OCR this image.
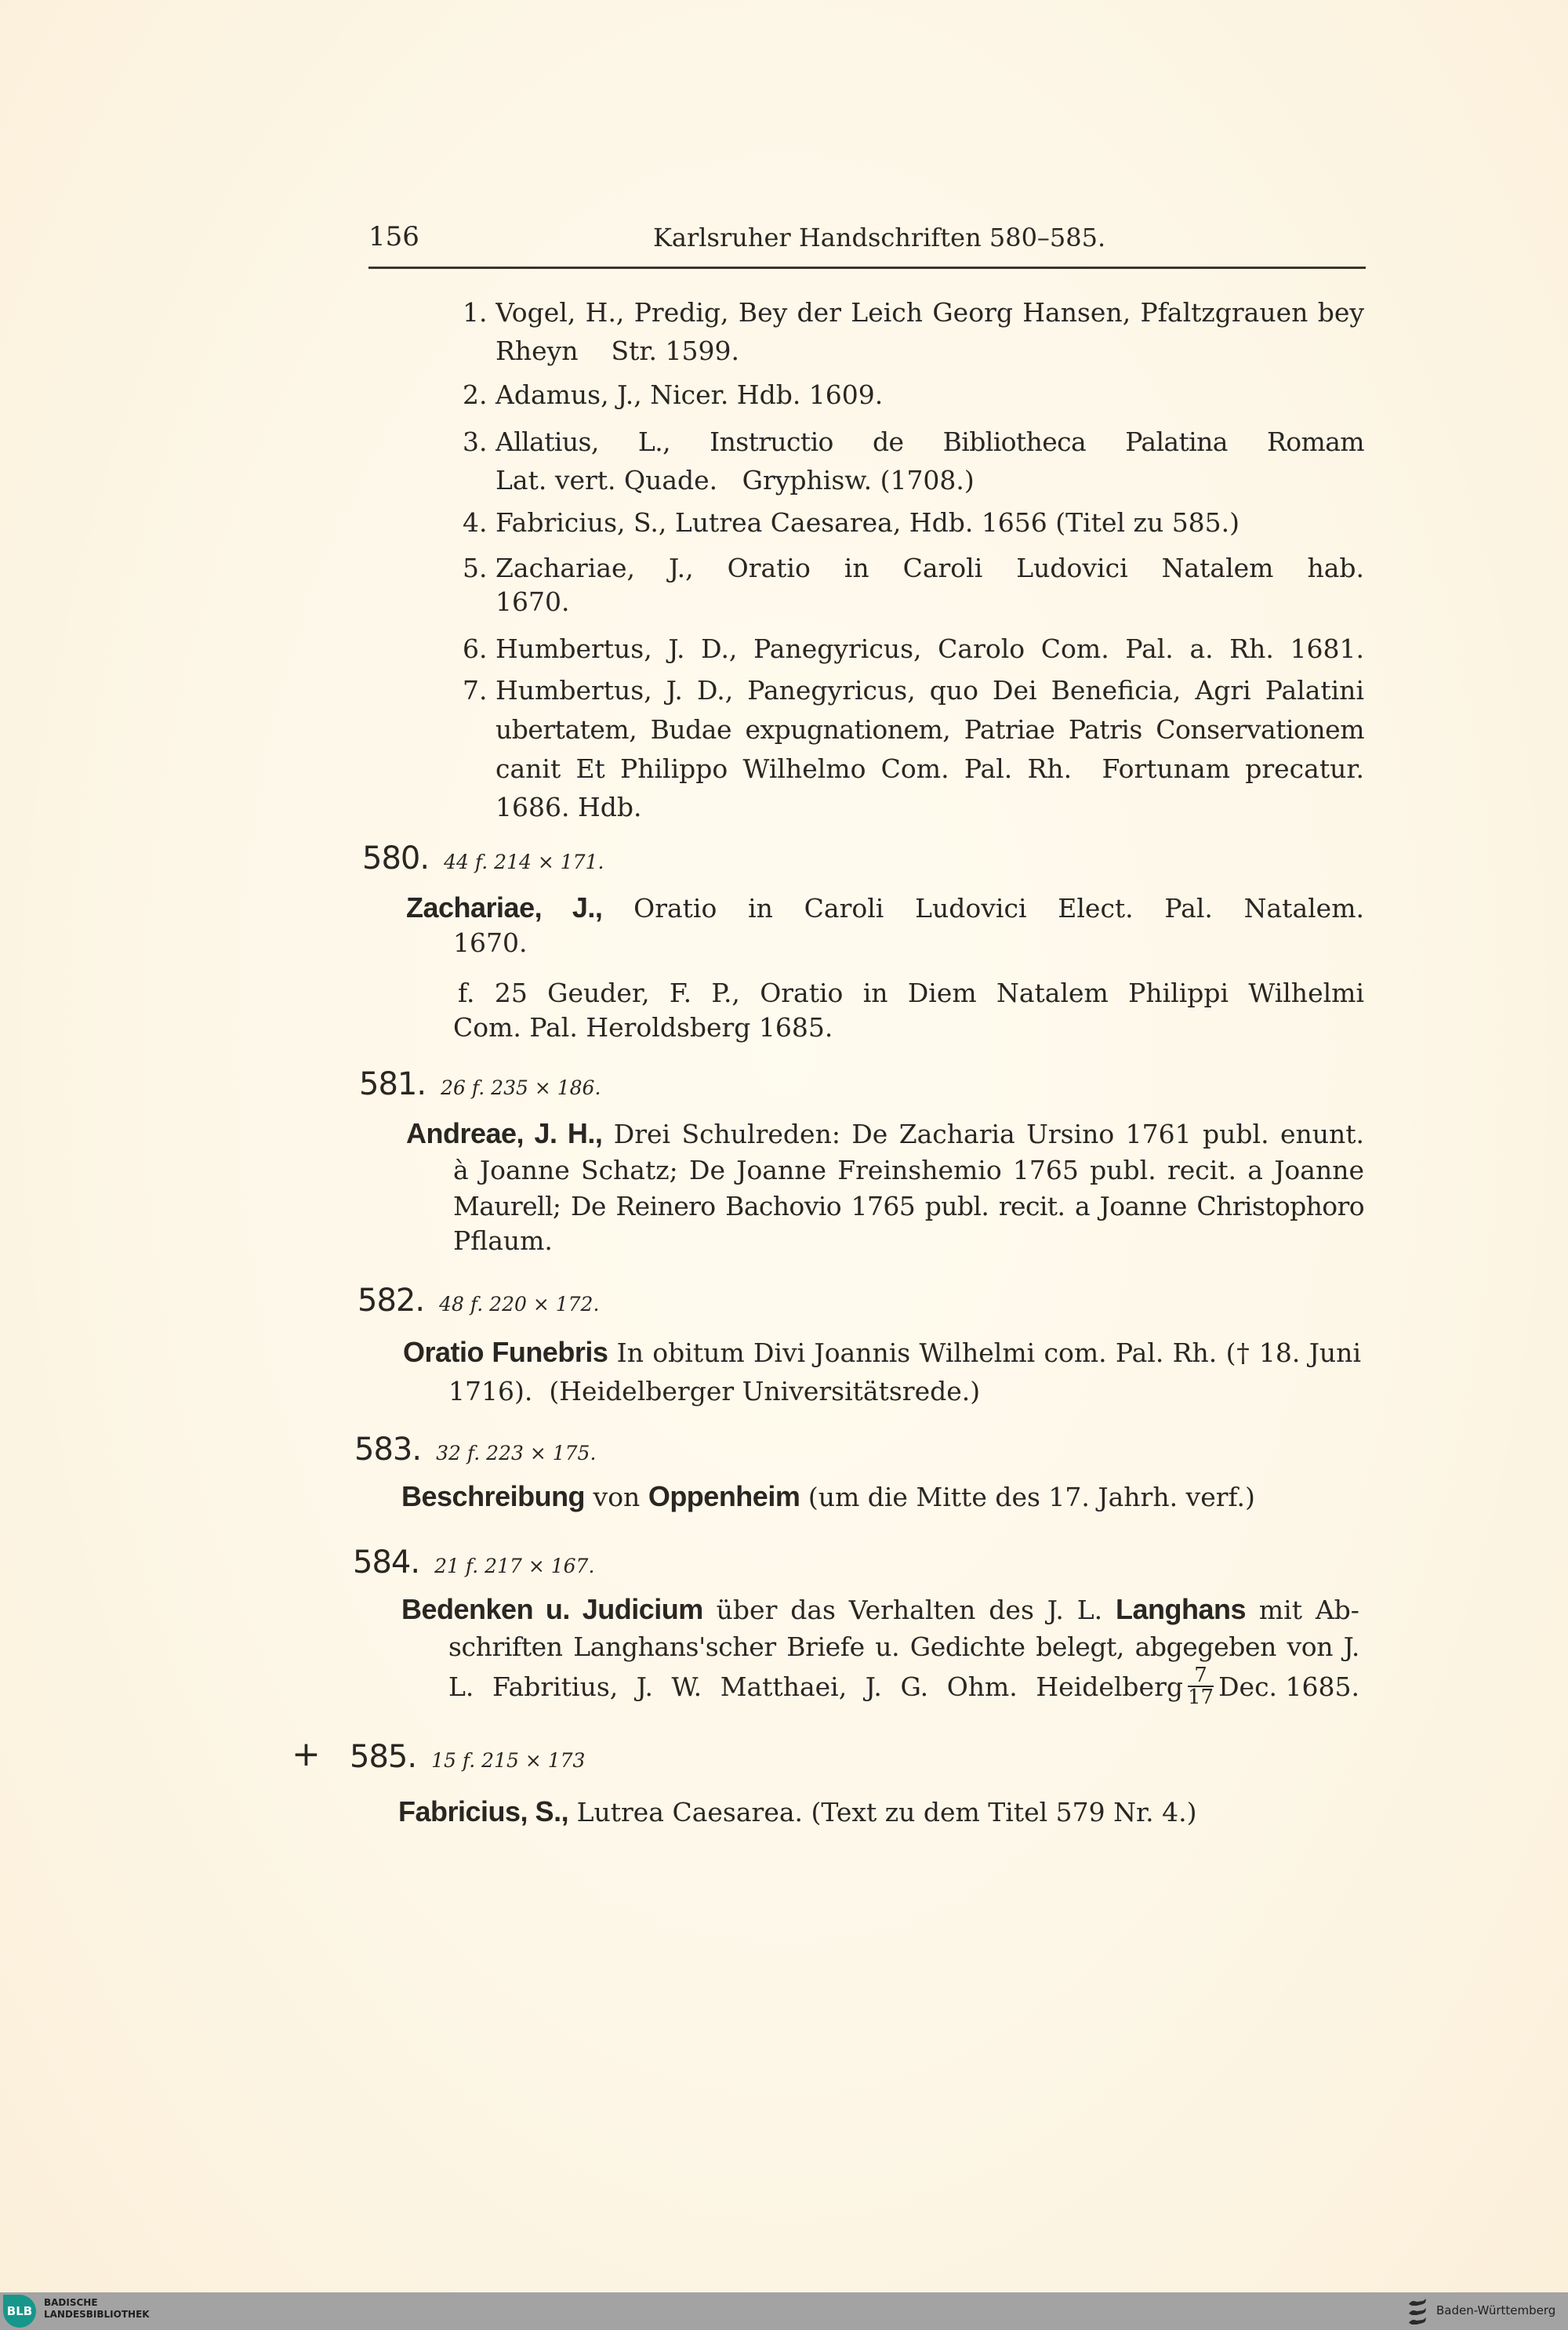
156	Karlsruher Handschriften 580–585.
1. Vogel, H., Predig, Bey der Leich Georg Hansen, Pfaltzgrauen bey
Rheyn    Str. 1599.
2. Adamus, J., Nicer. Hdb. 1609.
3. Allatius, L., Instructio de Bibliotheca Palatina Romam
Lat. vert. Quade.   Gryphisw. (1708.)
4. Fabricius, S., Lutrea Caesarea, Hdb. 1656 (Titel zu 585.)
5. Zachariae, J., Oratio in Caroli Ludovici Natalem hab.
1670.
6. Humbertus, J. D., Panegyricus, Carolo Com. Pal. a. Rh. 1681.
7. Humbertus, J. D., Panegyricus, quo Dei Beneficia, Agri Palatini
ubertatem, Budae expugnationem, Patriae Patris Conservationem
canit Et Philippo Wilhelmo Com. Pal. Rh.  Fortunam precatur.
1686. Hdb.
580. 44 f. 214 × 171.
Zachariae, J., Oratio in Caroli Ludovici Elect. Pal. Natalem.
1670.
f. 25 Geuder, F. P., Oratio in Diem Natalem Philippi Wilhelmi
Com. Pal. Heroldsberg 1685.
581. 26 f. 235 × 186.
Andreae, J. H., Drei Schulreden: De Zacharia Ursino 1761 publ. enunt.
à Joanne Schatz; De Joanne Freinshemio 1765 publ. recit. a Joanne
Maurell; De Reinero Bachovio 1765 publ. recit. a Joanne Christophoro
Pflaum.
582. 48 f. 220 × 172.
Oratio Funebris In obitum Divi Joannis Wilhelmi com. Pal. Rh. († 18. Juni
1716).  (Heidelberger Universitätsrede.)
583. 32 f. 223 × 175.
Beschreibung von Oppenheim (um die Mitte des 17. Jahrh. verf.)
584. 21 f. 217 × 167.
Bedenken u. Judicium über das Verhalten des J. L. Langhans mit Ab-
schriften Langhans'scher Briefe u. Gedichte belegt, abgegeben von J.
L. Fabritius, J. W. Matthaei, J. G. Ohm. Heidelberg $\frac{7}{17}$ Dec. 1685.
+ 585. 15 f. 215 × 173
Fabricius, S., Lutrea Caesarea. (Text zu dem Titel 579 Nr. 4.)
BLB
BADISCHE
LANDESBIBLIOTHEK	Baden-Württemberg
